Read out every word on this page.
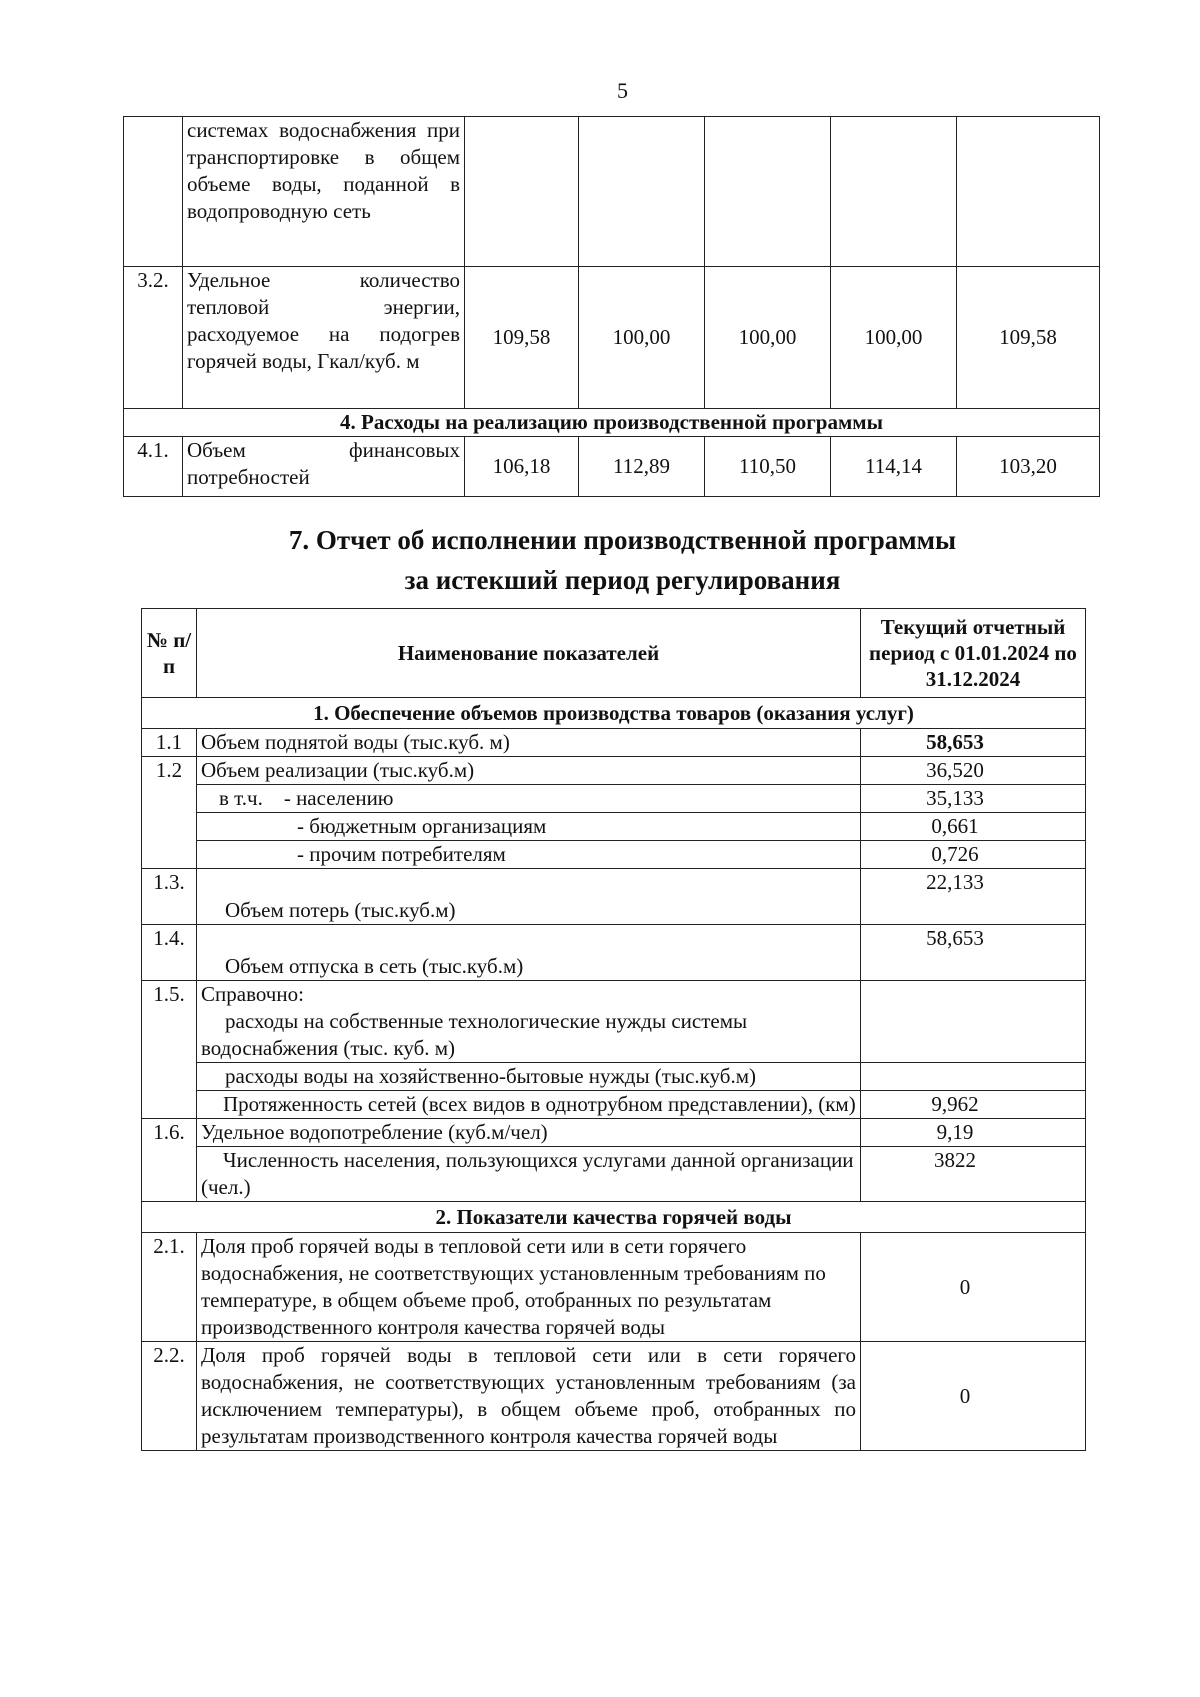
5
	системах водоснабжения при транспортировке в общем объеме воды, поданной в водопроводную сеть					
3.2.	Удельное количество тепловой энергии, расходуемое на подогрев горячей воды, Гкал/куб. м	109,58	100,00	100,00	100,00	109,58
4. Расходы на реализацию производственной программы						
4.1.	Объем финансовых потребностей	106,18	112,89	110,50	114,14	103,20
7. Отчет об исполнении производственной программы
за истекший период регулирования
№ п/п	Наименование показателей	Текущий отчетный период с 01.01.2024 по 31.12.2024
1. Обеспечение объемов производства товаров (оказания услуг)		
1.1	Объем поднятой воды (тыс.куб. м)	58,653
1.2	Объем реализации (тыс.куб.м)	36,520
	в т.ч.    - населению	35,133
	- бюджетным организациям	0,661
	- прочим потребителям	0,726
1.3.	Объем потерь (тыс.куб.м)	22,133
1.4.	Объем отпуска в сеть (тыс.куб.м)	58,653
1.5.	Справочно:
расходы на собственные технологические нужды системы водоснабжения (тыс. куб. м)	

	расходы воды на хозяйственно-бытовые нужды (тыс.куб.м)	
	Протяженность сетей (всех видов в однотрубном представлении), (км)	9,962
1.6.	Удельное водопотребление (куб.м/чел)	9,19
	Численность населения, пользующихся услугами данной организации (чел.)	3822
2. Показатели качества горячей воды		
2.1.	Доля проб горячей воды в тепловой сети или в сети горячего водоснабжения, не соответствующих установленным требованиям по температуре, в общем объеме проб, отобранных по результатам производственного контроля качества горячей воды	0
2.2.	Доля проб горячей воды в тепловой сети или в сети горячего водоснабжения, не соответствующих установленным требованиям (за исключением температуры), в общем объеме проб, отобранных по результатам производственного контроля качества горячей воды	0
